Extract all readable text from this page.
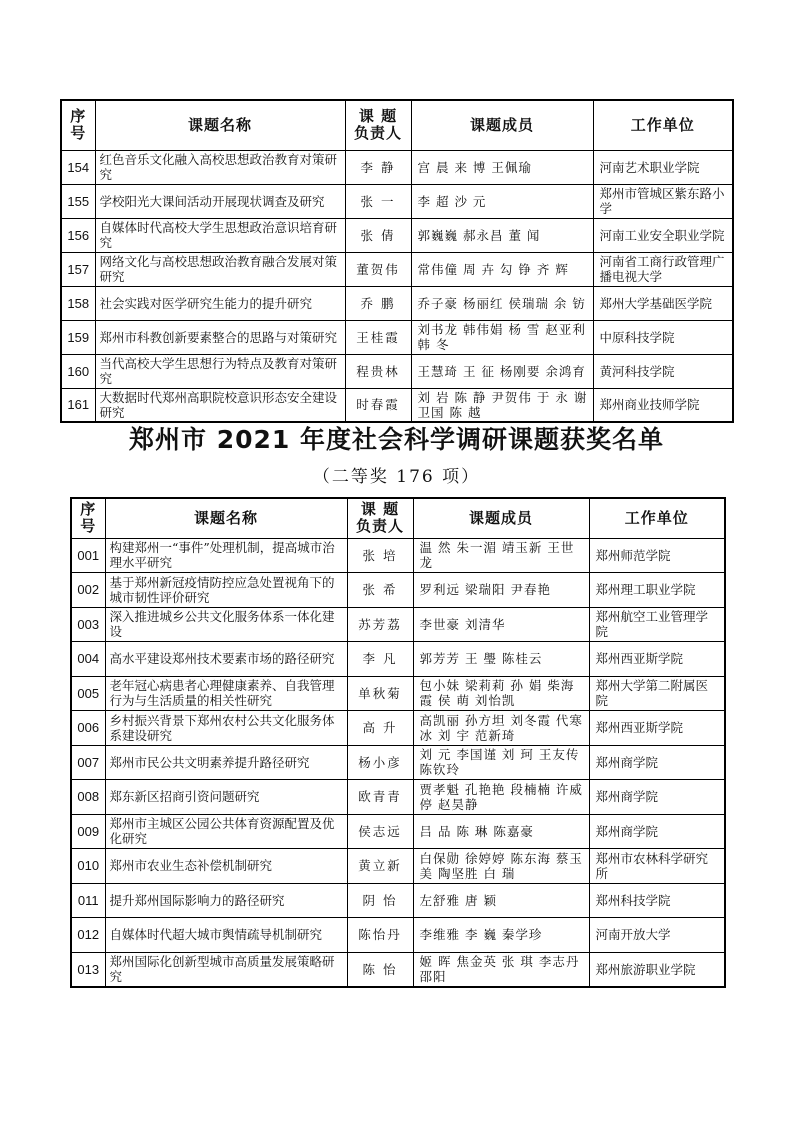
序号	课题名称	课 题负责人	课题成员	工作单位
154	红色音乐文化融入高校思想政治教育对策研究	李 静	宫 晨 来 博 王佩瑜	河南艺术职业学院
155	学校阳光大课间活动开展现状调查及研究	张 一	李 超 沙 元	郑州市管城区紫东路小学
156	自媒体时代高校大学生思想政治意识培育研究	张 倩	郭巍巍 郝永昌 董 闻	河南工业安全职业学院
157	网络文化与高校思想政治教育融合发展对策研究	董贺伟	常伟僮 周 卉 勾 铮 齐 辉	河南省工商行政管理广播电视大学
158	社会实践对医学研究生能力的提升研究	乔 鹏	乔子豪 杨丽红 侯瑞瑞 余 钫	郑州大学基础医学院
159	郑州市科教创新要素整合的思路与对策研究	王桂霞	刘书龙 韩伟娟 杨 雪 赵亚利 韩 冬	中原科技学院
160	当代高校大学生思想行为特点及教育对策研究	程贵林	王慧琦 王 征 杨刚要 余鸿育	黄河科技学院
161	大数据时代郑州高职院校意识形态安全建设研究	时春霞	刘 岩 陈 静 尹贺伟 于 永 谢卫国 陈 越	郑州商业技师学院
郑州市 2021 年度社会科学调研课题获奖名单

（二等奖 176 项）

序号	课题名称	课 题负责人	课题成员	工作单位
001	构建郑州一“事件”处理机制，提高城市治理水平研究	张 培	温 然 朱一湄 靖玉新 王世龙	郑州师范学院
002	基于郑州新冠疫情防控应急处置视角下的城市韧性评价研究	张 希	罗利远 梁瑞阳 尹春艳	郑州理工职业学院
003	深入推进城乡公共文化服务体系一体化建设	苏芳荔	李世豪 刘清华	郑州航空工业管理学院
004	高水平建设郑州技术要素市场的路径研究	李 凡	郭芳芳 王 璺 陈桂云	郑州西亚斯学院
005	老年冠心病患者心理健康素养、自我管理行为与生活质量的相关性研究	单秋菊	包小妹 梁莉莉 孙 娟 柴海霞 侯 萌 刘怡凯	郑州大学第二附属医院
006	乡村振兴背景下郑州农村公共文化服务体系建设研究	高 升	高凯丽 孙方坦 刘冬霞 代寒冰 刘 宇 范新琦	郑州西亚斯学院
007	郑州市民公共文明素养提升路径研究	杨小彦	刘 元 李国谨 刘 珂 王友传 陈钦玲	郑州商学院
008	郑东新区招商引资问题研究	欧青青	贾孝魁 孔艳艳 段楠楠 许威停 赵昊静	郑州商学院
009	郑州市主城区公园公共体育资源配置及优化研究	侯志远	吕 品 陈 琳 陈嘉豪	郑州商学院
010	郑州市农业生态补偿机制研究	黄立新	白保勋 徐婷婷 陈东海 蔡玉美 陶坚胜 白 瑞	郑州市农林科学研究所
011	提升郑州国际影响力的路径研究	阴 怡	左舒雅 唐 颖	郑州科技学院
012	自媒体时代超大城市舆情疏导机制研究	陈怡丹	李维雅 李 巍 秦学珍	河南开放大学
013	郑州国际化创新型城市高质量发展策略研究	陈 怡	姬 晖 焦金英 张 琪 李志丹 邵阳	郑州旅游职业学院
